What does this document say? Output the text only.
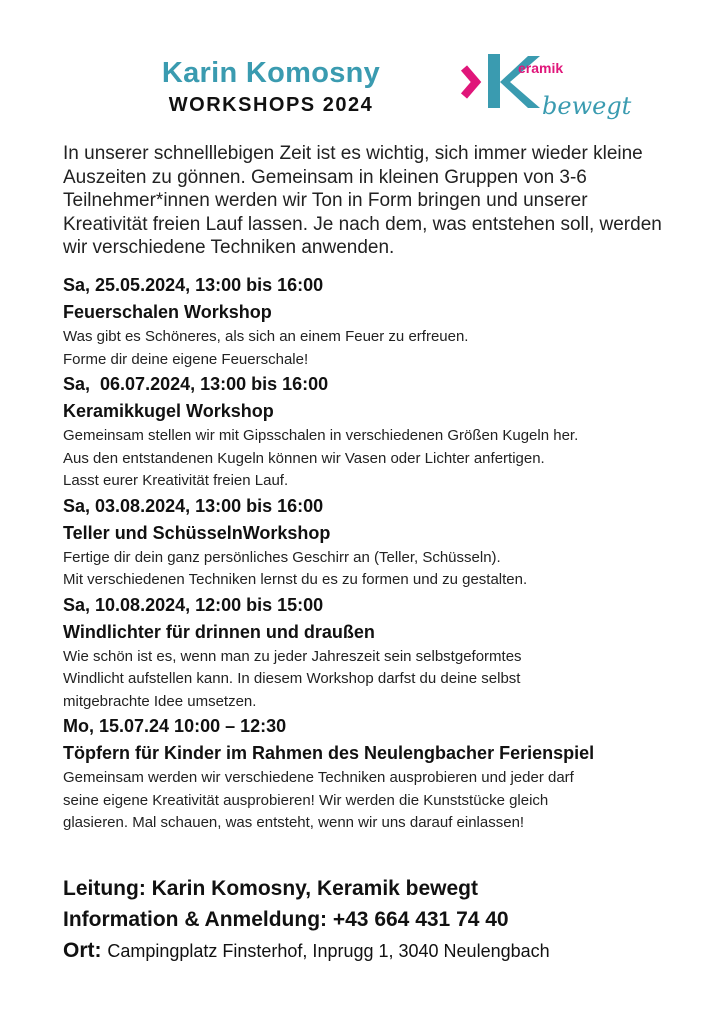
Karin Komosny
WORKSHOPS 2024
eramik
bewegt
In unserer schnelllebigen Zeit ist es wichtig, sich immer wieder kleine Auszeiten zu gönnen. Gemeinsam in kleinen Gruppen von 3-6 Teilnehmer*innen werden wir Ton in Form bringen und unserer Kreativität freien Lauf lassen. Je nach dem, was entstehen soll, werden wir verschiedene Techniken anwenden.
Sa, 25.05.2024, 13:00 bis 16:00
Feuerschalen Workshop
Was gibt es Schöneres, als sich an einem Feuer zu erfreuen.
Forme dir deine eigene Feuerschale!
Sa,  06.07.2024, 13:00 bis 16:00
Keramikkugel Workshop
Gemeinsam stellen wir mit Gipsschalen in verschiedenen Größen Kugeln her.
Aus den entstandenen Kugeln können wir Vasen oder Lichter anfertigen.
Lasst eurer Kreativität freien Lauf.
Sa, 03.08.2024, 13:00 bis 16:00
Teller und SchüsselnWorkshop
Fertige dir dein ganz persönliches Geschirr an (Teller, Schüsseln).
Mit verschiedenen Techniken lernst du es zu formen und zu gestalten.
Sa, 10.08.2024, 12:00 bis 15:00
Windlichter für drinnen und draußen
Wie schön ist es, wenn man zu jeder Jahreszeit sein selbstgeformtes
Windlicht aufstellen kann. In diesem Workshop darfst du deine selbst
mitgebrachte Idee umsetzen.
Mo, 15.07.24 10:00 – 12:30
Töpfern für Kinder im Rahmen des Neulengbacher Ferienspiel
Gemeinsam werden wir verschiedene Techniken ausprobieren und jeder darf
seine eigene Kreativität ausprobieren! Wir werden die Kunststücke gleich
glasieren. Mal schauen, was entsteht, wenn wir uns darauf einlassen!
Leitung: Karin Komosny, Keramik bewegt
Information & Anmeldung: +43 664 431 74 40
Ort: Campingplatz Finsterhof, Inprugg 1, 3040 Neulengbach
